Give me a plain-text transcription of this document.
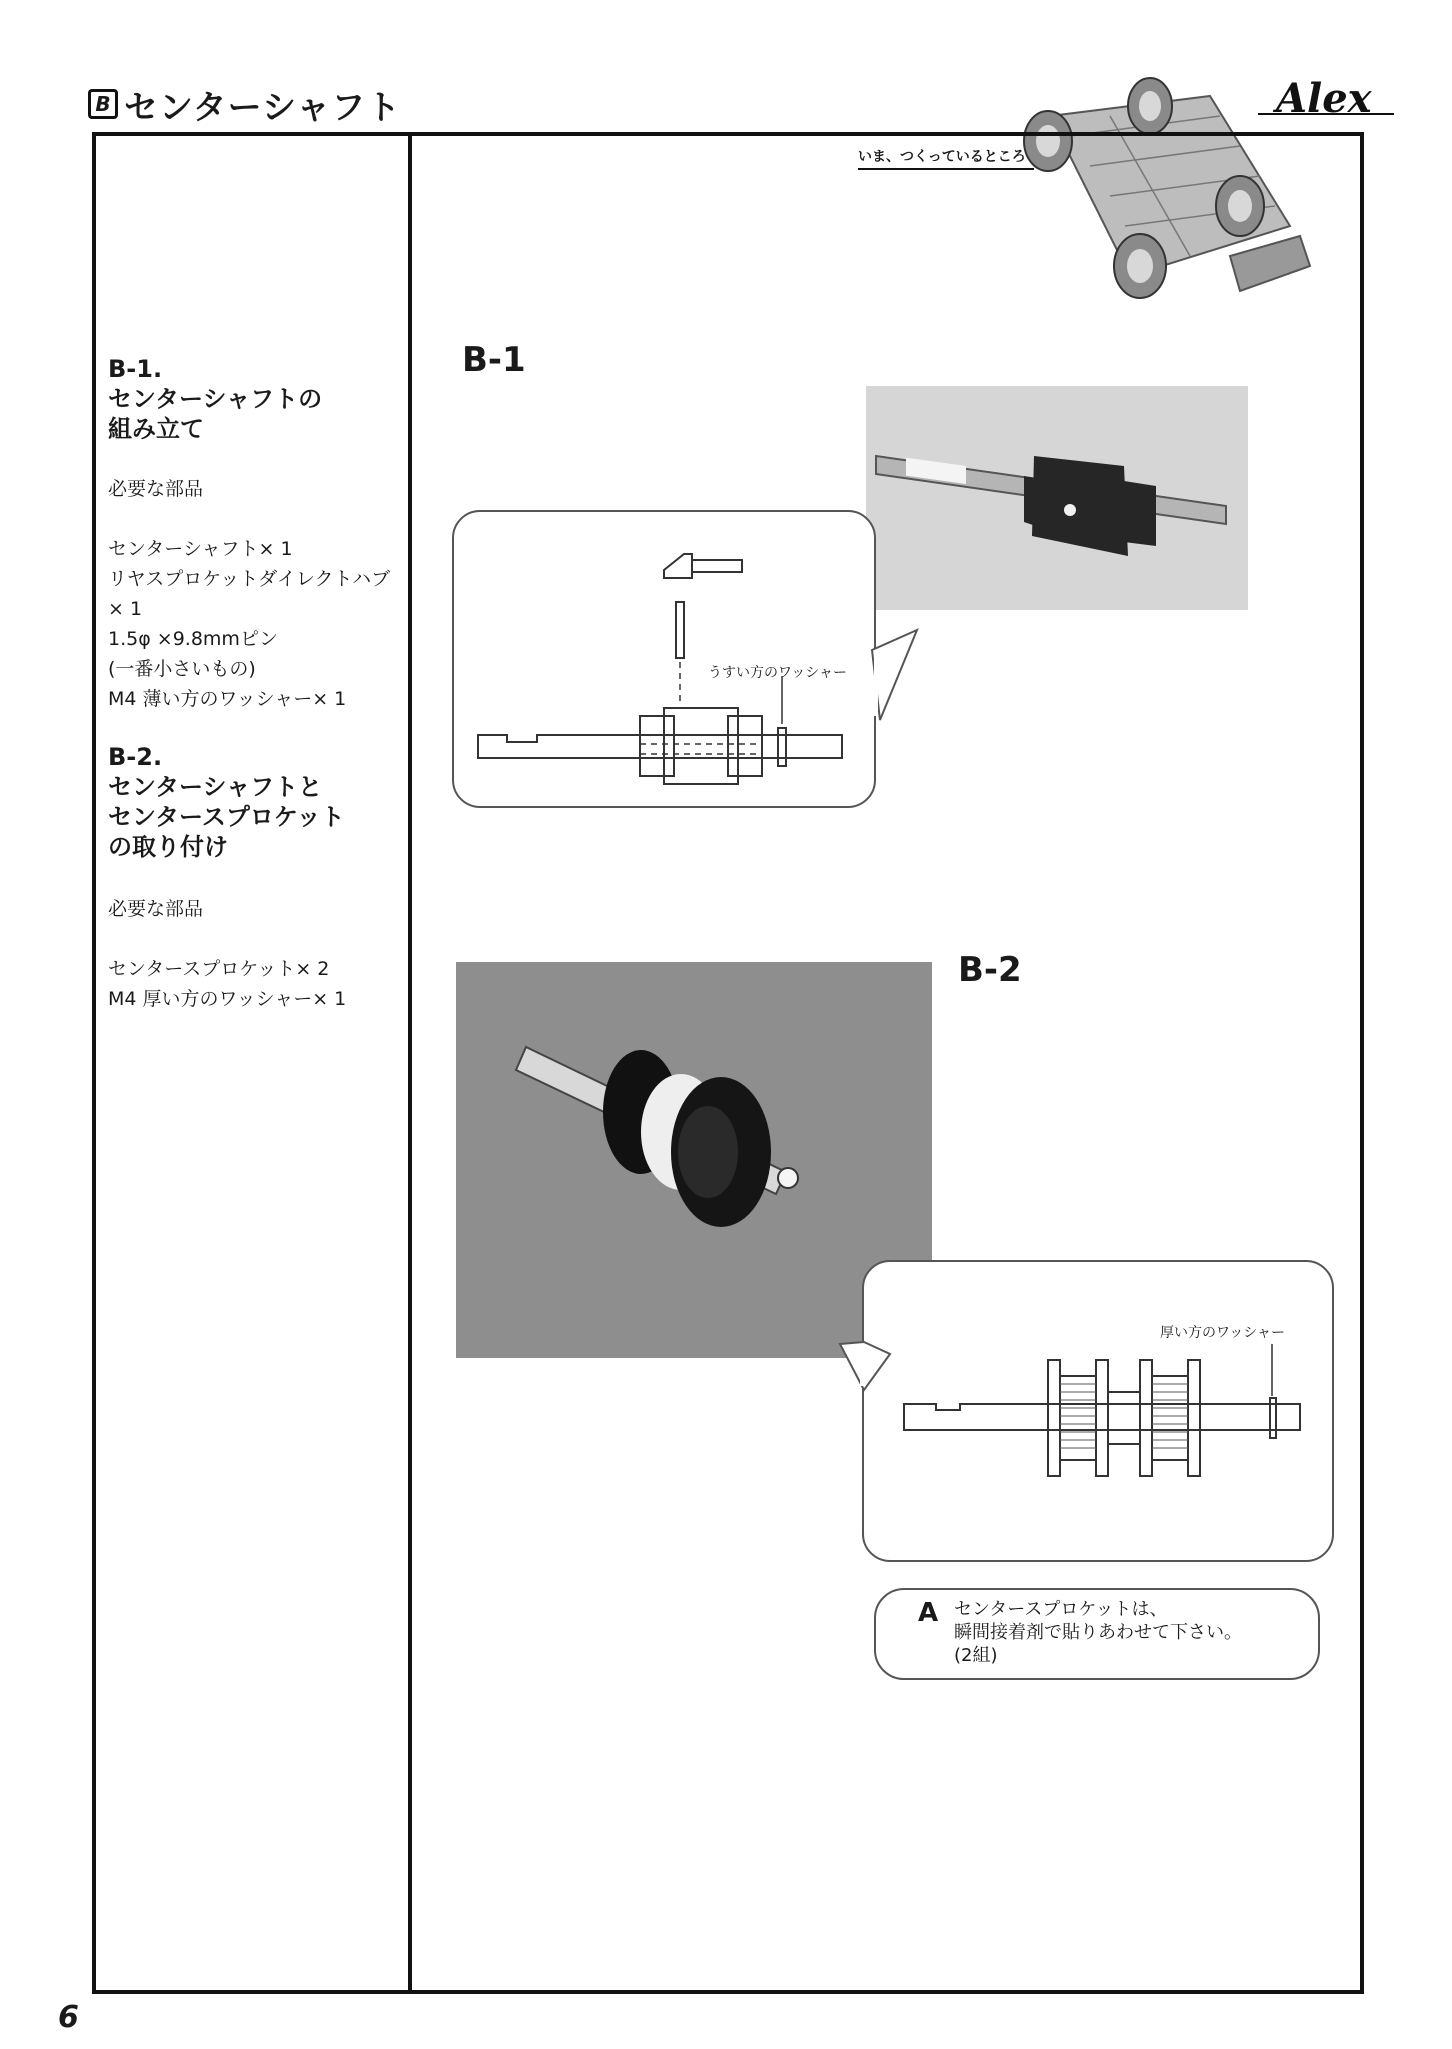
B センターシャフト	Alex
いま、つくっているところ
B-1.
センターシャフトの
組み立て
必要な部品
センターシャフト× 1
リヤスプロケットダイレクトハブ
× 1
1.5φ ×9.8mmピン
(一番小さいもの)
M4 薄い方のワッシャー× 1
B-2.
センターシャフトと
センタースプロケット
の取り付け
必要な部品
センタースプロケット× 2
M4 厚い方のワッシャー× 1
B-1
うすい方のワッシャー
B-2
厚い方のワッシャー
A センタースプロケットは、
瞬間接着剤で貼りあわせて下さい。
(2組)
6
